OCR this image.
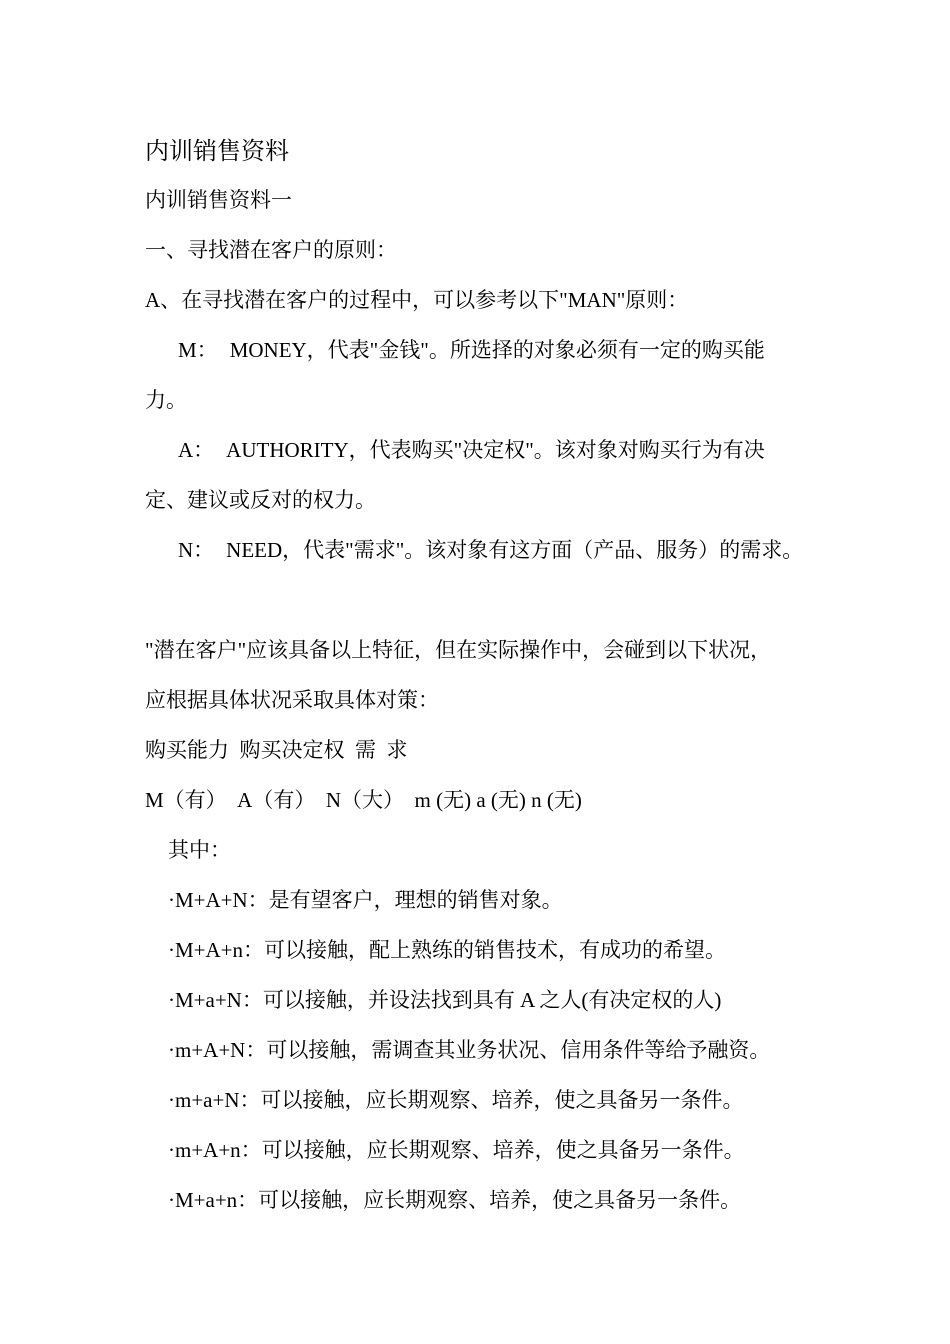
内训销售资料

内训销售资料一

一、寻找潜在客户的原则：

A、在寻找潜在客户的过程中，可以参考以下"MAN"原则：

M： MONEY，代表"金钱"。所选择的对象必须有一定的购买能

力。

A： AUTHORITY，代表购买"决定权"。该对象对购买行为有决

定、建议或反对的权力。

N： NEED，代表"需求"。该对象有这方面（产品、服务）的需求。

"潜在客户"应该具备以上特征，但在实际操作中，会碰到以下状况，

应根据具体状况采取具体对策：

购买能力  购买决定权  需  求

M（有）  A（有）  N（大）  m (无) a (无) n (无)

其中：

·M+A+N：是有望客户，理想的销售对象。

·M+A+n：可以接触，配上熟练的销售技术，有成功的希望。

·M+a+N：可以接触，并设法找到具有 A 之人(有决定权的人)

·m+A+N：可以接触，需调查其业务状况、信用条件等给予融资。

·m+a+N：可以接触，应长期观察、培养，使之具备另一条件。

·m+A+n：可以接触，应长期观察、培养，使之具备另一条件。

·M+a+n：可以接触，应长期观察、培养，使之具备另一条件。
